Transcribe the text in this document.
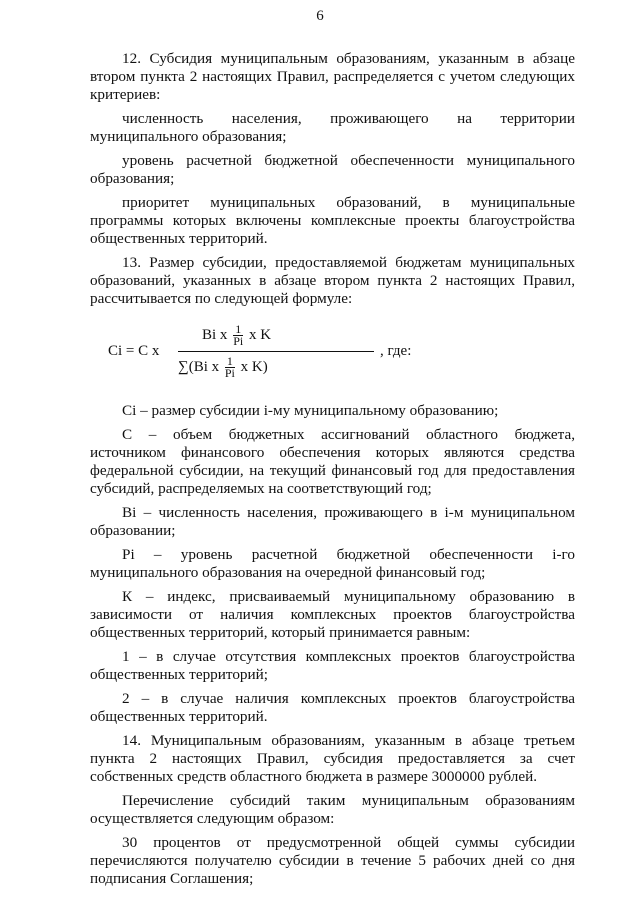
6

12. Субсидия муниципальным образованиям, указанным в абзаце втором пункта 2 настоящих Правил, распределяется с учетом следующих критериев:

численность населения, проживающего на территории муниципального образования;

уровень расчетной бюджетной обеспеченности муниципального образования;

приоритет муниципальных образований, в муниципальные программы которых включены комплексные проекты благоустройства общественных территорий.

13. Размер субсидии, предоставляемой бюджетам муниципальных образований, указанных в абзаце втором пункта 2 настоящих Правил, рассчитывается по следующей формуле:

Ci = C x
Bi x $\frac{1}{Pi}$ x K
∑(Bi x $\frac{1}{Pi}$ x K)
, где:

Ci – размер субсидии i-му муниципальному образованию;

С – объем бюджетных ассигнований областного бюджета, источником финансового обеспечения которых являются средства федеральной субсидии, на текущий финансовый год для предоставления субсидий, распределяемых на соответствующий год;

Bi – численность населения, проживающего в i-м муниципальном образовании;

Pi – уровень расчетной бюджетной обеспеченности i-го муниципального образования на очередной финансовый год;

К – индекс, присваиваемый муниципальному образованию в зависимости от наличия комплексных проектов благоустройства общественных территорий, который принимается равным:

1 – в случае отсутствия комплексных проектов благоустройства общественных территорий;

2 – в случае наличия комплексных проектов благоустройства общественных территорий.

14. Муниципальным образованиям, указанным в абзаце третьем пункта 2 настоящих Правил, субсидия предоставляется за счет собственных средств областного бюджета в размере 3000000 рублей.

Перечисление субсидий таким муниципальным образованиям осуществляется следующим образом:

30 процентов от предусмотренной общей суммы субсидии перечисляются получателю субсидии в течение 5 рабочих дней со дня подписания Соглашения;
